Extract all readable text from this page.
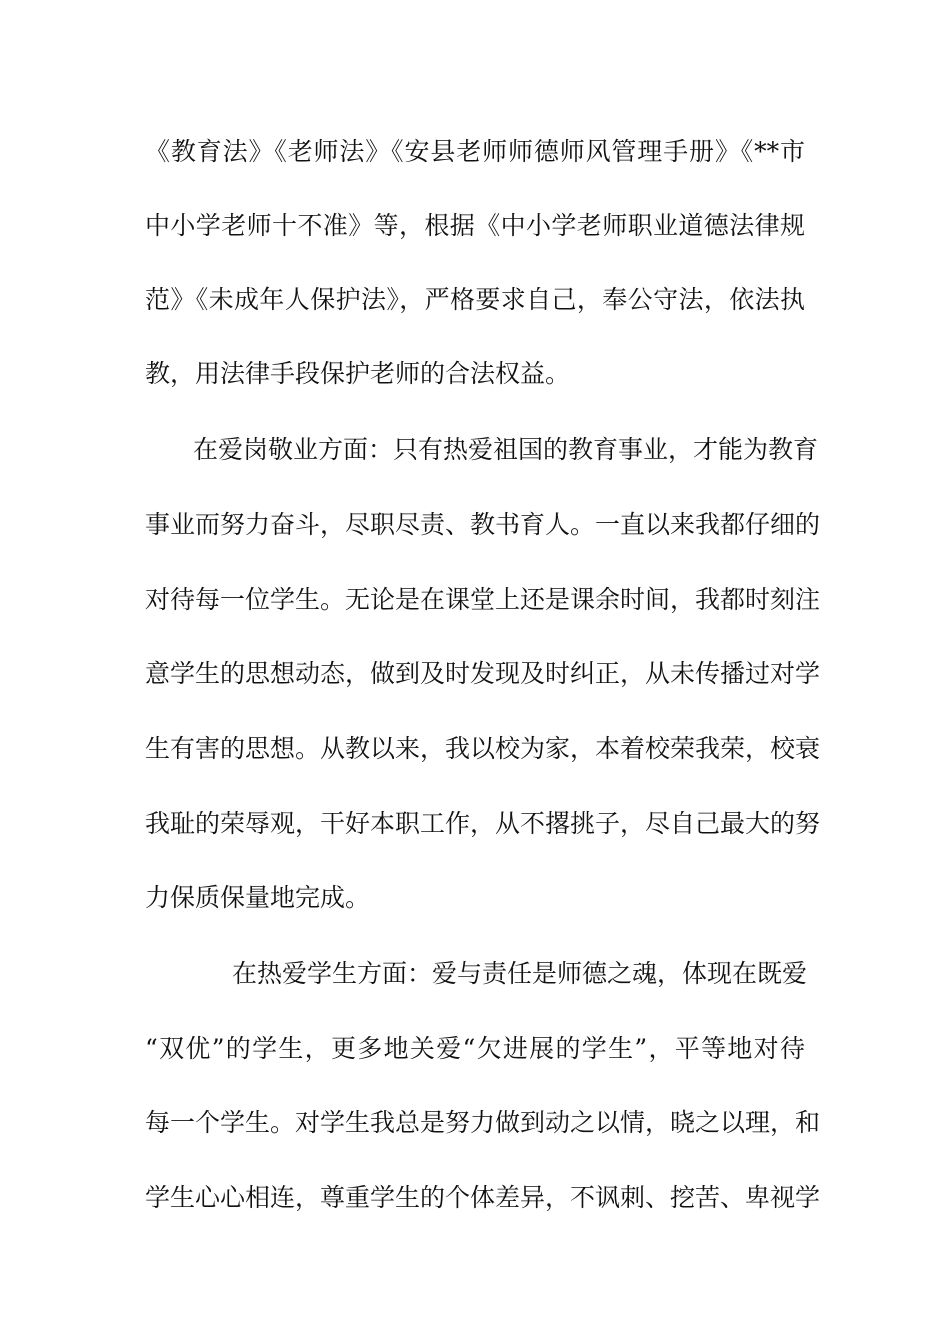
《教育法》《老师法》《安县老师师德师风管理手册》《**市
中小学老师十不准》等，根据《中小学老师职业道德法律规
范》《未成年人保护法》，严格要求自己，奉公守法，依法执
教，用法律手段保护老师的合法权益。
在爱岗敬业方面：只有热爱祖国的教育事业，才能为教育
事业而努力奋斗，尽职尽责、教书育人。一直以来我都仔细的
对待每一位学生。无论是在课堂上还是课余时间，我都时刻注
意学生的思想动态，做到及时发现及时纠正，从未传播过对学
生有害的思想。从教以来，我以校为家，本着校荣我荣，校衰
我耻的荣辱观，干好本职工作，从不撂挑子，尽自己最大的努
力保质保量地完成。
在热爱学生方面：爱与责任是师德之魂，体现在既爱
“双优”的学生，更多地关爱“欠进展的学生”，平等地对待
每一个学生。对学生我总是努力做到动之以情，晓之以理，和
学生心心相连，尊重学生的个体差异，不讽刺、挖苦、卑视学
